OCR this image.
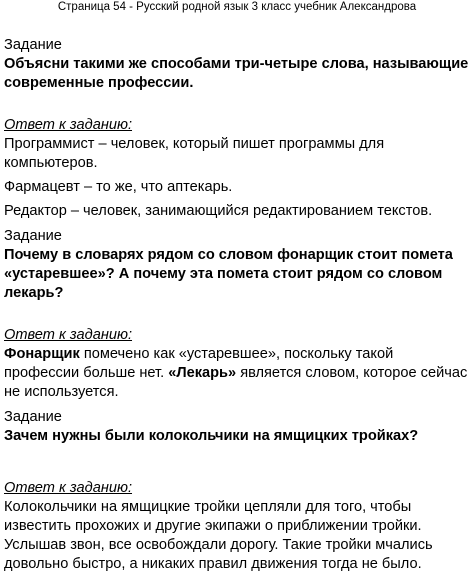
Страница 54 - Русский родной язык 3 класс учебник Александрова

Задание

Объясни такими же способами три-четыре слова, называющие современные профессии.

Ответ к заданию:

Программист – человек, который пишет программы для компьютеров.

Фармацевт – то же, что аптекарь.

Редактор – человек, занимающийся редактированием текстов.

Задание

Почему в словарях рядом со словом фонарщик стоит помета «устаревшее»? А почему эта помета стоит рядом со словом лекарь?

Ответ к заданию:

Фонарщик помечено как «устаревшее», поскольку такой профессии больше нет. «Лекарь» является словом, которое сейчас не используется.

Задание

Зачем нужны были колокольчики на ямщицких тройках?

Ответ к заданию:

Колокольчики на ямщицкие тройки цепляли для того, чтобы известить прохожих и другие экипажи о приближении тройки. Услышав звон, все освобождали дорогу. Такие тройки мчались довольно быстро, а никаких правил движения тогда не было.
